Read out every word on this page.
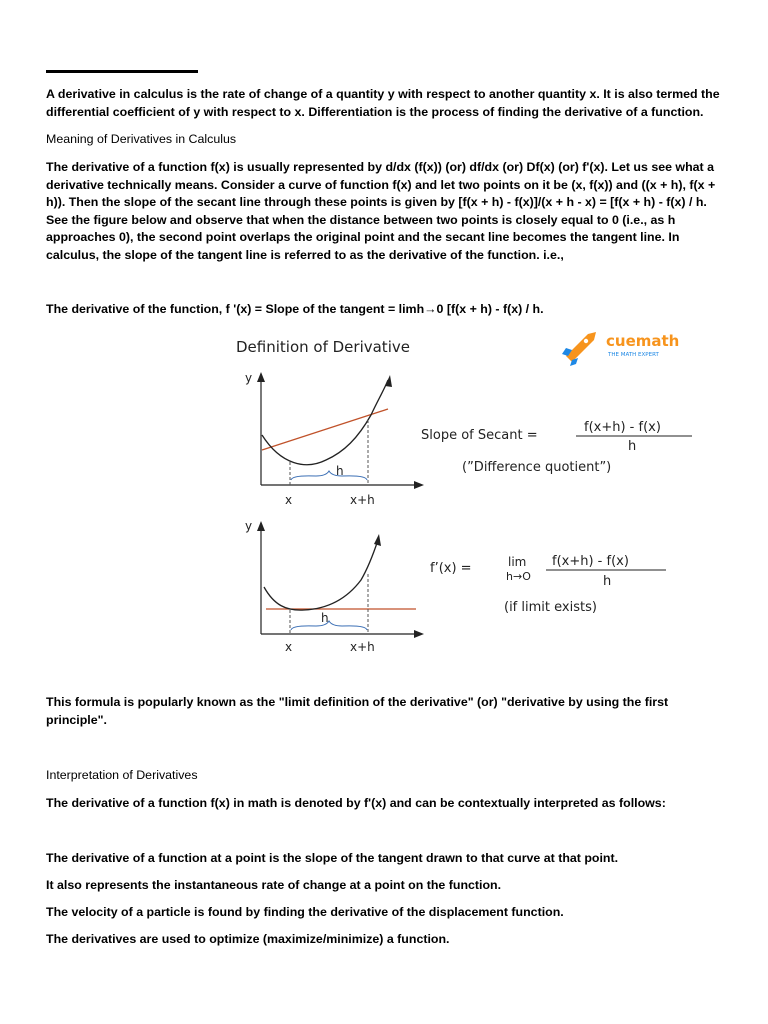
A derivative in calculus is the rate of change of a quantity y with respect to another quantity x. It is also termed the differential coefficient of y with respect to x. Differentiation is the process of finding the derivative of a function.

Meaning of Derivatives in Calculus

The derivative of a function f(x) is usually represented by d/dx (f(x)) (or) df/dx (or) Df(x) (or) f'(x). Let us see what a derivative technically means. Consider a curve of function f(x) and let two points on it be (x, f(x)) and ((x + h), f(x + h)). Then the slope of the secant line through these points is given by [f(x + h) - f(x)]/(x + h - x) = [f(x + h) - f(x) / h. See the figure below and observe that when the distance between two points is closely equal to 0 (i.e., as h approaches 0), the second point overlaps the original point and the secant line becomes the tangent line. In calculus, the slope of the tangent line is referred to as the derivative of the function. i.e.,

The derivative of the function, f '(x) = Slope of the tangent = limh→0 [f(x + h) - f(x) / h.

Definition of Derivative	cuemath
THE MATH EXPERT
y
h
x	x+h
Slope of Secant =
f(x+h) - f(x)
h
(”Difference quotient”)
y
h
x	x+h
f’(x) =	lim
h→O
f(x+h) - f(x)
h
(if limit exists)

This formula is popularly known as the "limit definition of the derivative" (or) "derivative by using the first principle".

Interpretation of Derivatives

The derivative of a function f(x) in math is denoted by f'(x) and can be contextually interpreted as follows:

The derivative of a function at a point is the slope of the tangent drawn to that curve at that point.

It also represents the instantaneous rate of change at a point on the function.

The velocity of a particle is found by finding the derivative of the displacement function.

The derivatives are used to optimize (maximize/minimize) a function.
